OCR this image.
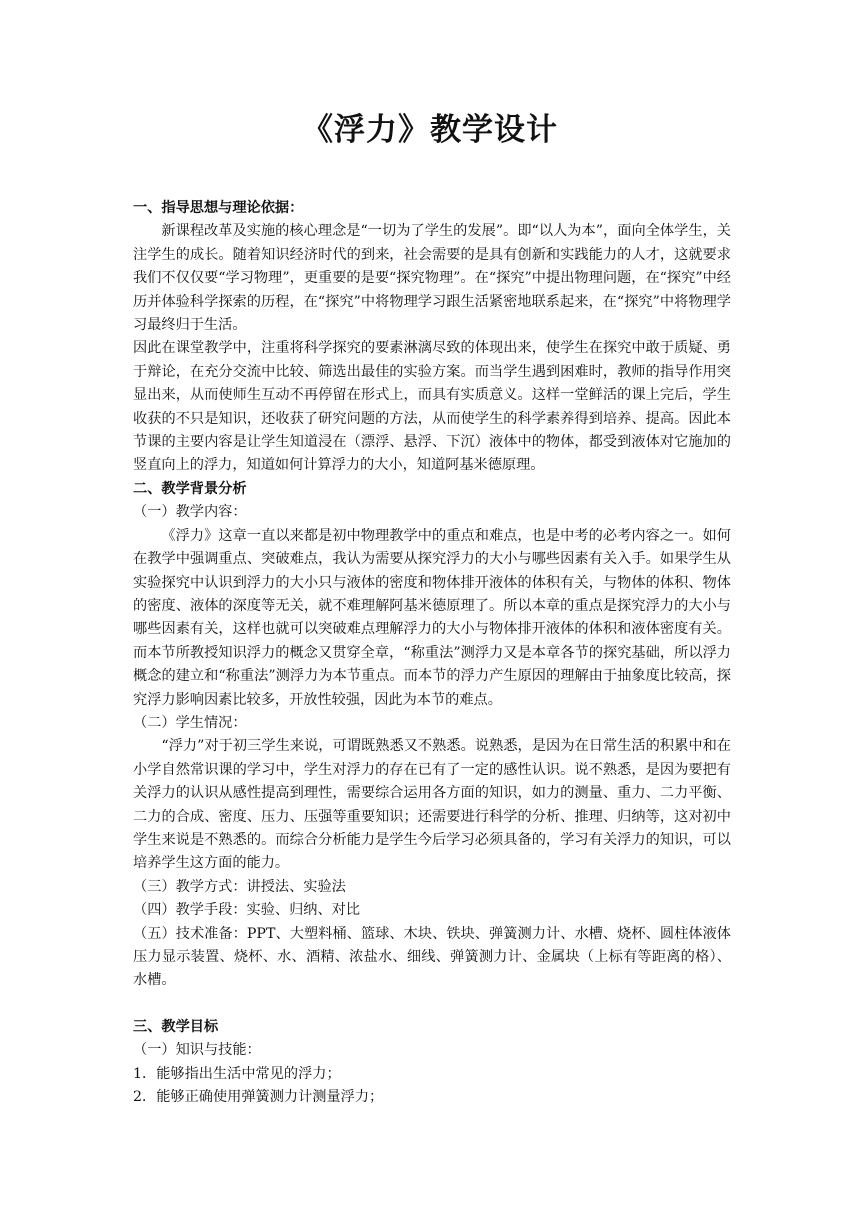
《浮力》教学设计

一、指导思想与理论依据：

新课程改革及实施的核心理念是“一切为了学生的发展”。即“以人为本”，面向全体学生，关注学生的成长。随着知识经济时代的到来，社会需要的是具有创新和实践能力的人才，这就要求我们不仅仅要“学习物理”，更重要的是要“探究物理”。在“探究”中提出物理问题，在“探究”中经历并体验科学探索的历程，在“探究”中将物理学习跟生活紧密地联系起来，在“探究”中将物理学习最终归于生活。

因此在课堂教学中，注重将科学探究的要素淋漓尽致的体现出来，使学生在探究中敢于质疑、勇于辩论，在充分交流中比较、筛选出最佳的实验方案。而当学生遇到困难时，教师的指导作用突显出来，从而使师生互动不再停留在形式上，而具有实质意义。这样一堂鲜活的课上完后，学生收获的不只是知识，还收获了研究问题的方法，从而使学生的科学素养得到培养、提高。因此本节课的主要内容是让学生知道浸在（漂浮、悬浮、下沉）液体中的物体，都受到液体对它施加的竖直向上的浮力，知道如何计算浮力的大小，知道阿基米德原理。

二、教学背景分析

（一）教学内容：

《浮力》这章一直以来都是初中物理教学中的重点和难点，也是中考的必考内容之一。如何在教学中强调重点、突破难点，我认为需要从探究浮力的大小与哪些因素有关入手。如果学生从实验探究中认识到浮力的大小只与液体的密度和物体排开液体的体积有关，与物体的体积、物体的密度、液体的深度等无关，就不难理解阿基米德原理了。所以本章的重点是探究浮力的大小与哪些因素有关，这样也就可以突破难点理解浮力的大小与物体排开液体的体积和液体密度有关。而本节所教授知识浮力的概念又贯穿全章，“称重法”测浮力又是本章各节的探究基础，所以浮力概念的建立和“称重法”测浮力为本节重点。而本节的浮力产生原因的理解由于抽象度比较高，探究浮力影响因素比较多，开放性较强，因此为本节的难点。

（二）学生情况：

“浮力”对于初三学生来说，可谓既熟悉又不熟悉。说熟悉，是因为在日常生活的积累中和在小学自然常识课的学习中，学生对浮力的存在已有了一定的感性认识。说不熟悉，是因为要把有关浮力的认识从感性提高到理性，需要综合运用各方面的知识，如力的测量、重力、二力平衡、二力的合成、密度、压力、压强等重要知识；还需要进行科学的分析、推理、归纳等，这对初中学生来说是不熟悉的。而综合分析能力是学生今后学习必须具备的，学习有关浮力的知识，可以培养学生这方面的能力。

（三）教学方式：讲授法、实验法

（四）教学手段：实验、归纳、对比

（五）技术准备：PPT、大塑料桶、篮球、木块、铁块、弹簧测力计、水槽、烧杯、圆柱体液体压力显示装置、烧杯、水、酒精、浓盐水、细线、弹簧测力计、金属块（上标有等距离的格）、水槽。

三、教学目标

（一）知识与技能：

1．能够指出生活中常见的浮力；

2．能够正确使用弹簧测力计测量浮力；
